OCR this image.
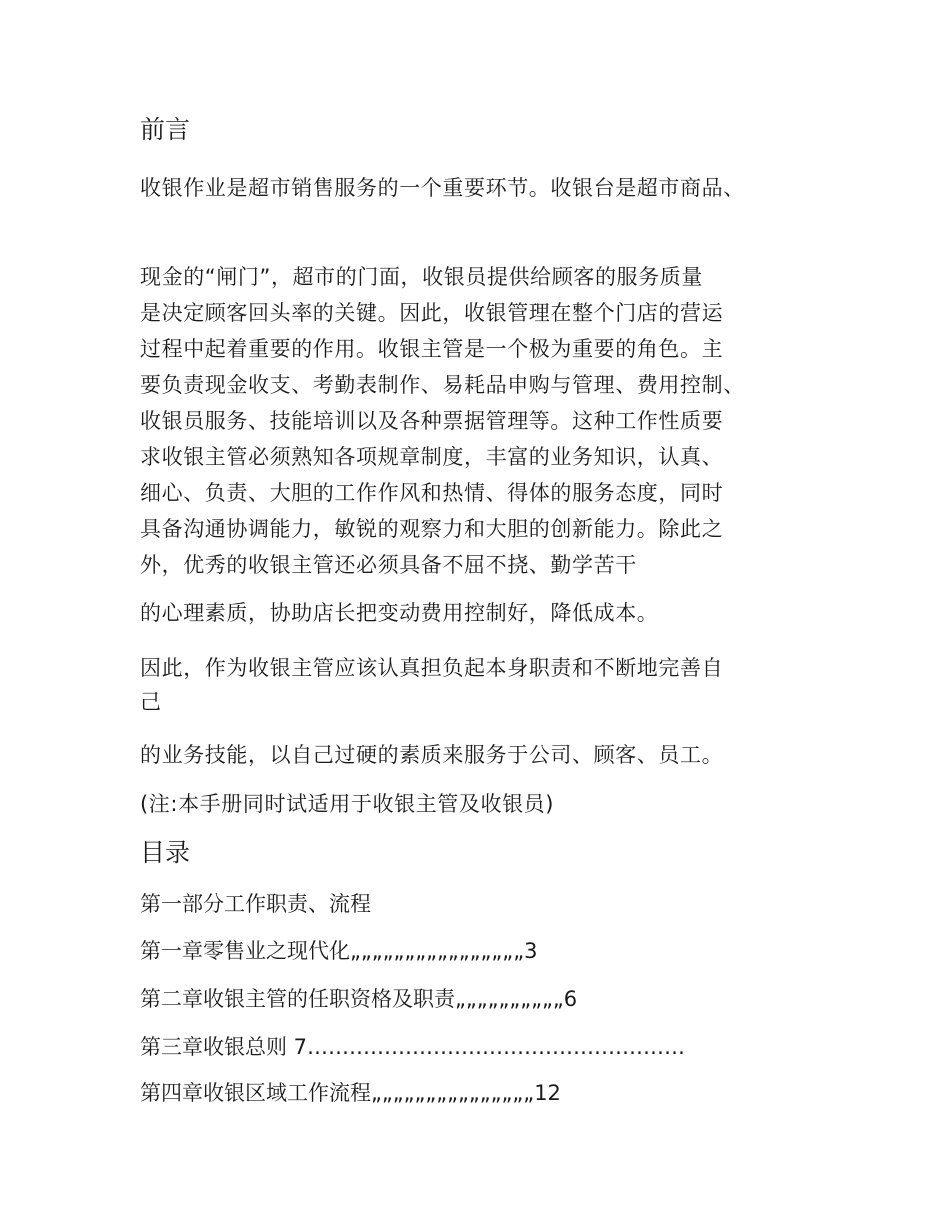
前言
收银作业是超市销售服务的一个重要环节。收银台是超市商品、
现金的“闸门”，超市的门面，收银员提供给顾客的服务质量
是决定顾客回头率的关键。因此，收银管理在整个门店的营运
过程中起着重要的作用。收银主管是一个极为重要的角色。主
要负责现金收支、考勤表制作、易耗品申购与管理、费用控制、
收银员服务、技能培训以及各种票据管理等。这种工作性质要
求收银主管必须熟知各项规章制度，丰富的业务知识，认真、
细心、负责、大胆的工作作风和热情、得体的服务态度，同时
具备沟通协调能力，敏锐的观察力和大胆的创新能力。除此之
外，优秀的收银主管还必须具备不屈不挠、勤学苦干
的心理素质，协助店长把变动费用控制好，降低成本。
因此，作为收银主管应该认真担负起本身职责和不断地完善自
己
的业务技能，以自己过硬的素质来服务于公司、顾客、员工。
(注:本手册同时试适用于收银主管及收银员)
目录
第一部分工作职责、流程
第一章零售业之现代化„„„„„„„„„„„„„„„„3
第二章收银主管的任职资格及职责„„„„„„„„„„6
第三章收银总则 7………………………………………………
第四章收银区域工作流程„„„„„„„„„„„„„„„12
